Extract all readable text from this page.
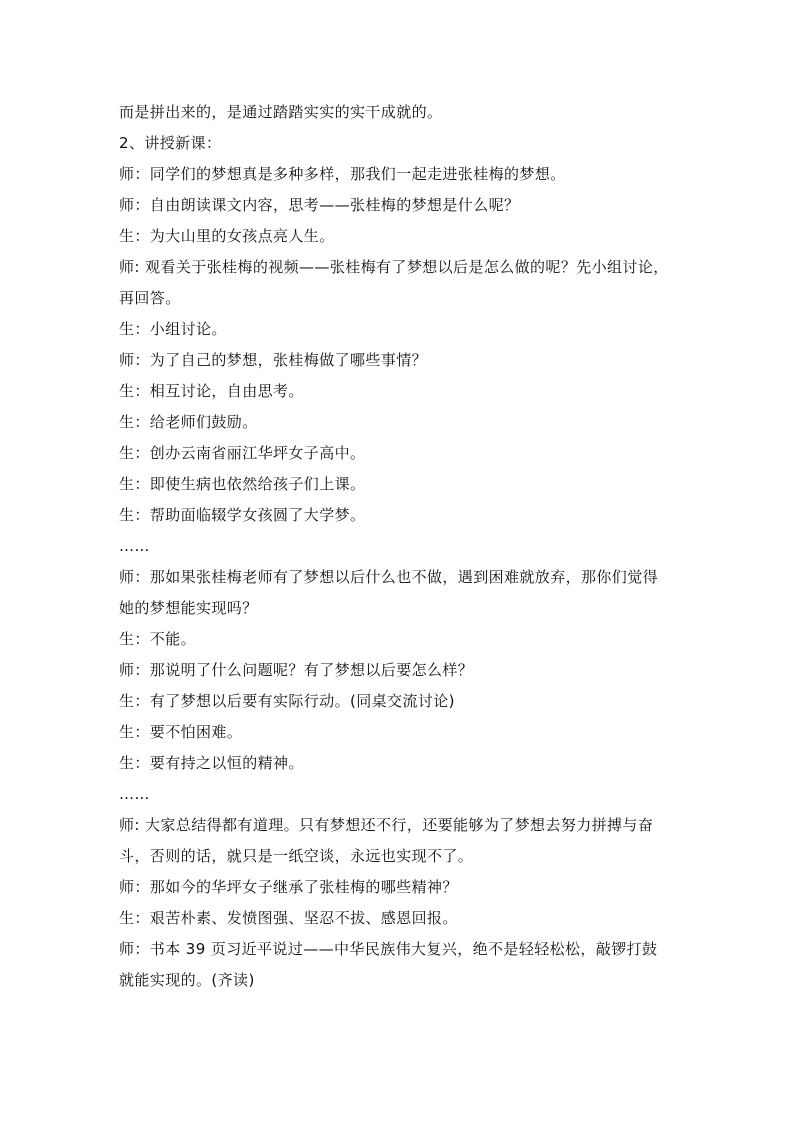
而是拼出来的，是通过踏踏实实的实干成就的。
2、讲授新课：
师：同学们的梦想真是多种多样，那我们一起走进张桂梅的梦想。
师：自由朗读课文内容，思考——张桂梅的梦想是什么呢？
生：为大山里的女孩点亮人生。
师: 观看关于张桂梅的视频——张桂梅有了梦想以后是怎么做的呢？先小组讨论，
再回答。
生：小组讨论。
师：为了自己的梦想，张桂梅做了哪些事情？
生：相互讨论，自由思考。
生：给老师们鼓励。
生：创办云南省丽江华坪女子高中。
生：即使生病也依然给孩子们上课。
生：帮助面临辍学女孩圆了大学梦。
……
师：那如果张桂梅老师有了梦想以后什么也不做，遇到困难就放弃，那你们觉得
她的梦想能实现吗？
生：不能。
师：那说明了什么问题呢？有了梦想以后要怎么样？
生：有了梦想以后要有实际行动。(同桌交流讨论)
生：要不怕困难。
生：要有持之以恒的精神。
……
师: 大家总结得都有道理。只有梦想还不行，还要能够为了梦想去努力拼搏与奋
斗，否则的话，就只是一纸空谈，永远也实现不了。
师：那如今的华坪女子继承了张桂梅的哪些精神？
生：艰苦朴素、发愤图强、坚忍不拔、感恩回报。
师：书本 39 页习近平说过——中华民族伟大复兴，绝不是轻轻松松，敲锣打鼓
就能实现的。(齐读)
